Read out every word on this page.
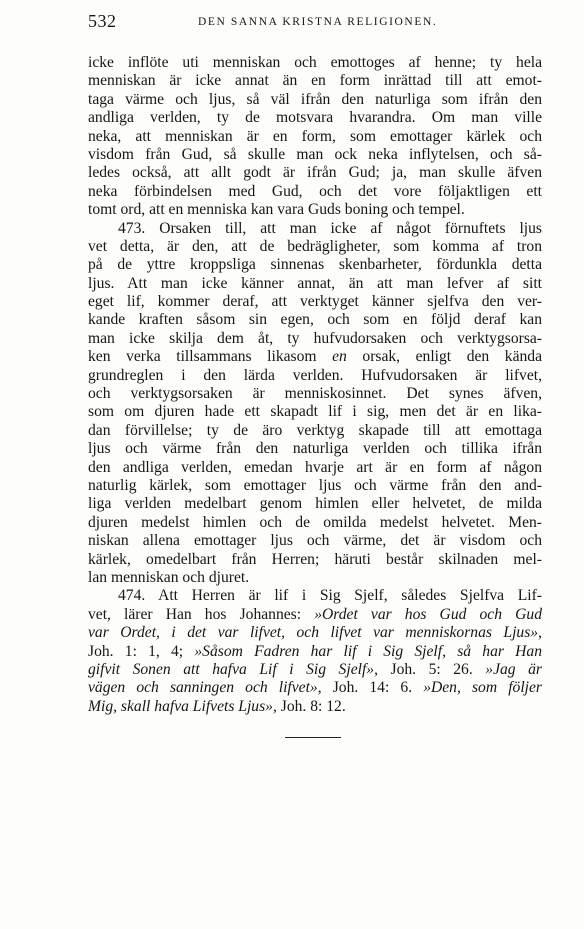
532	DEN SANNA KRISTNA RELIGIONEN.
icke inflöte uti menniskan och emottoges af henne; ty hela
menniskan är icke annat än en form inrättad till att emot-
taga värme och ljus, så väl ifrån den naturliga som ifrån den
andliga verlden, ty de motsvara hvarandra. Om man ville
neka, att menniskan är en form, som emottager kärlek och
visdom från Gud, så skulle man ock neka inflytelsen, och så-
ledes också, att allt godt är ifrån Gud; ja, man skulle äfven
neka förbindelsen med Gud, och det vore följaktligen ett
tomt ord, att en menniska kan vara Guds boning och tempel.
473. Orsaken till, att man icke af något förnuftets ljus
vet detta, är den, att de bedrägligheter, som komma af tron
på de yttre kroppsliga sinnenas skenbarheter, fördunkla detta
ljus. Att man icke känner annat, än att man lefver af sitt
eget lif, kommer deraf, att verktyget känner sjelfva den ver-
kande kraften såsom sin egen, och som en följd deraf kan
man icke skilja dem åt, ty hufvudorsaken och verktygsorsa-
ken verka tillsammans likasom en orsak, enligt den kända
grundreglen i den lärda verlden. Hufvudorsaken är lifvet,
och verktygsorsaken är menniskosinnet. Det synes äfven,
som om djuren hade ett skapadt lif i sig, men det är en lika-
dan förvillelse; ty de äro verktyg skapade till att emottaga
ljus och värme från den naturliga verlden och tillika ifrån
den andliga verlden, emedan hvarje art är en form af någon
naturlig kärlek, som emottager ljus och värme från den and-
liga verlden medelbart genom himlen eller helvetet, de milda
djuren medelst himlen och de omilda medelst helvetet. Men-
niskan allena emottager ljus och värme, det är visdom och
kärlek, omedelbart från Herren; häruti består skilnaden mel-
lan menniskan och djuret.
474. Att Herren är lif i Sig Sjelf, således Sjelfva Lif-
vet, lärer Han hos Johannes: »Ordet var hos Gud och Gud
var Ordet, i det var lifvet, och lifvet var menniskornas Ljus»,
Joh. 1: 1, 4; »Såsom Fadren har lif i Sig Sjelf, så har Han
gifvit Sonen att hafva Lif i Sig Sjelf», Joh. 5: 26. »Jag är
vägen och sanningen och lifvet», Joh. 14: 6. »Den, som följer
Mig, skall hafva Lifvets Ljus», Joh. 8: 12.
